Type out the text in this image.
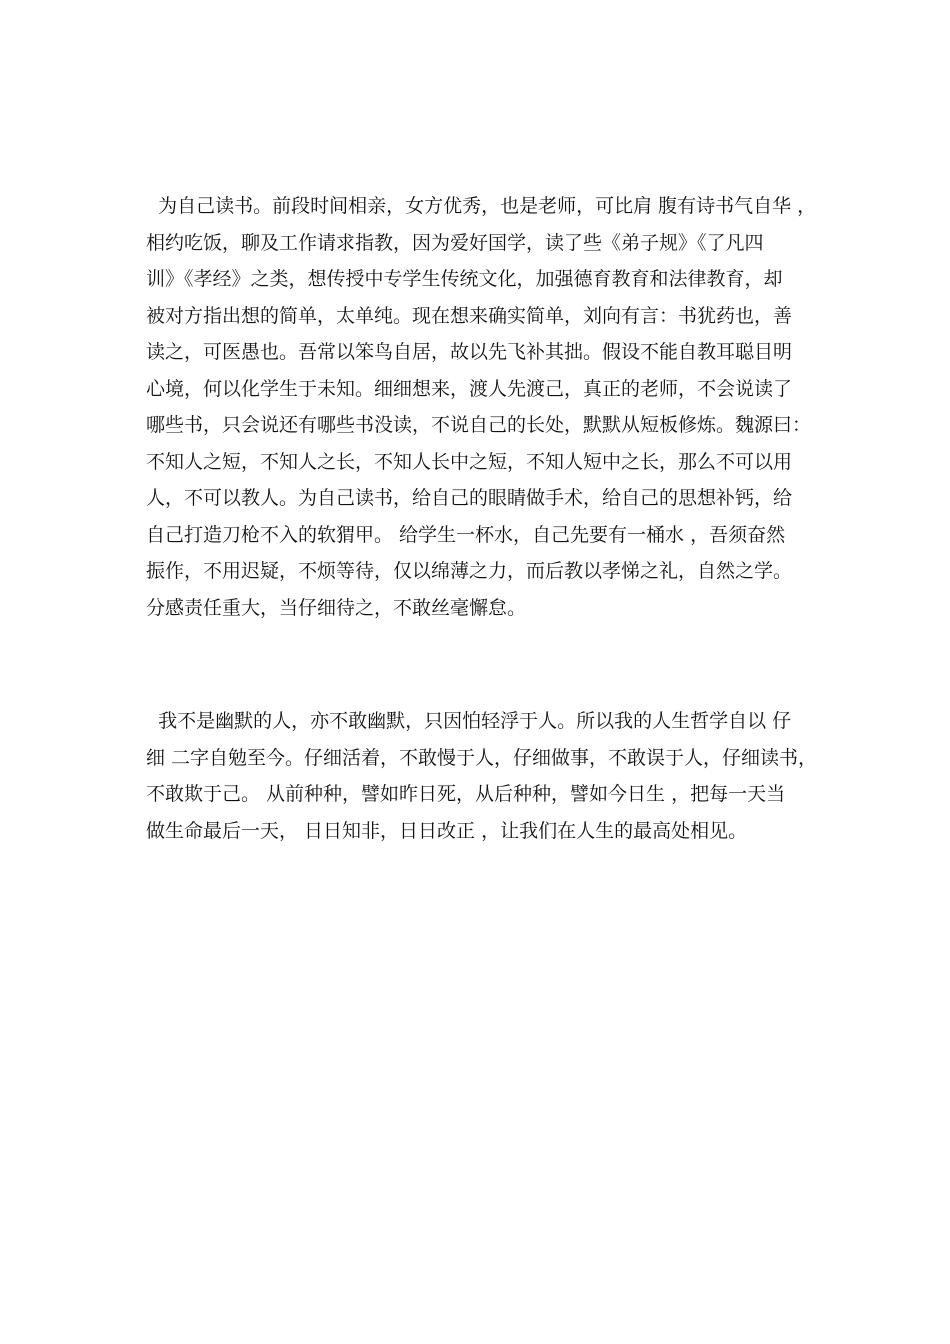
为自己读书。前段时间相亲，女方优秀，也是老师，可比肩 腹有诗书气自华 ，
相约吃饭，聊及工作请求指教，因为爱好国学，读了些《弟子规》《了凡四
训》《孝经》之类，想传授中专学生传统文化，加强德育教育和法律教育，却
被对方指出想的简单，太单纯。现在想来确实简单，刘向有言：书犹药也，善
读之，可医愚也。吾常以笨鸟自居，故以先飞补其拙。假设不能自教耳聪目明
心境，何以化学生于未知。细细想来，渡人先渡己，真正的老师，不会说读了
哪些书，只会说还有哪些书没读，不说自己的长处，默默从短板修炼。魏源曰：
不知人之短，不知人之长，不知人长中之短，不知人短中之长，那么不可以用
人，不可以教人。为自己读书，给自己的眼睛做手术，给自己的思想补钙，给
自己打造刀枪不入的软猬甲。 给学生一杯水，自己先要有一桶水 ，吾须奋然
振作，不用迟疑，不烦等待，仅以绵薄之力，而后教以孝悌之礼，自然之学。
分感责任重大，当仔细待之，不敢丝毫懈怠。
我不是幽默的人，亦不敢幽默，只因怕轻浮于人。所以我的人生哲学自以 仔
细 二字自勉至今。仔细活着，不敢慢于人，仔细做事，不敢误于人，仔细读书，
不敢欺于己。 从前种种，譬如昨日死，从后种种，譬如今日生 ，把每一天当
做生命最后一天， 日日知非，日日改正 ，让我们在人生的最高处相见。
